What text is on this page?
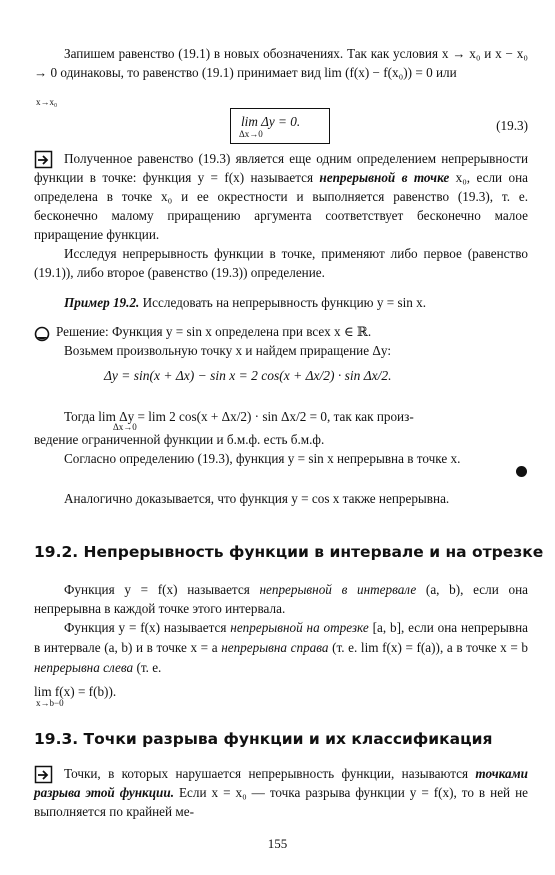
Запишем равенство (19.1) в новых обозначениях. Так как условия x → x₀ и x − x₀ → 0 одинаковы, то равенство (19.1) принимает вид lim (f(x) − f(x₀)) = 0 или
x→x₀
lim Δy = 0.
Δx→0
(19.3)
Полученное равенство (19.3) является еще одним определением непрерывности функции в точке: функция y = f(x) называется непрерывной в точке x₀, если она определена в точке x₀ и ее окрестности и выполняется равенство (19.3), т. е. бесконечно малому приращению аргумента соответствует бесконечно малое приращение функции.
Исследуя непрерывность функции в точке, применяют либо первое (равенство (19.1)), либо второе (равенство (19.3)) определение.
Пример 19.2. Исследовать на непрерывность функцию y = sin x.
Решение: Функция y = sin x определена при всех x ∈ ℝ.
Возьмем произвольную точку x и найдем приращение Δy:
Δy = sin(x + Δx) − sin x = 2 cos(x + Δx/2) · sin Δx/2.
Тогда lim Δy = lim 2 cos(x + Δx/2) · sin Δx/2 = 0, так как произ-
Δx→0
ведение ограниченной функции и б.м.ф. есть б.м.ф.
Согласно определению (19.3), функция y = sin x непрерывна в точке x.
Аналогично доказывается, что функция y = cos x также непрерывна.
19.2. Непрерывность функции в интервале и на отрезке
Функция y = f(x) называется непрерывной в интервале (a, b), если она непрерывна в каждой точке этого интервала.
Функция y = f(x) называется непрерывной на отрезке [a, b], если она непрерывна в интервале (a, b) и в точке x = a непрерывна справа (т. е. lim f(x) = f(a)), а в точке x = b непрерывна слева (т. е.
lim f(x) = f(b)).
x→b−0
19.3. Точки разрыва функции и их классификация
Точки, в которых нарушается непрерывность функции, называются точками разрыва этой функции. Если x = x₀ — точка разрыва функции y = f(x), то в ней не выполняется по крайней ме-
155
